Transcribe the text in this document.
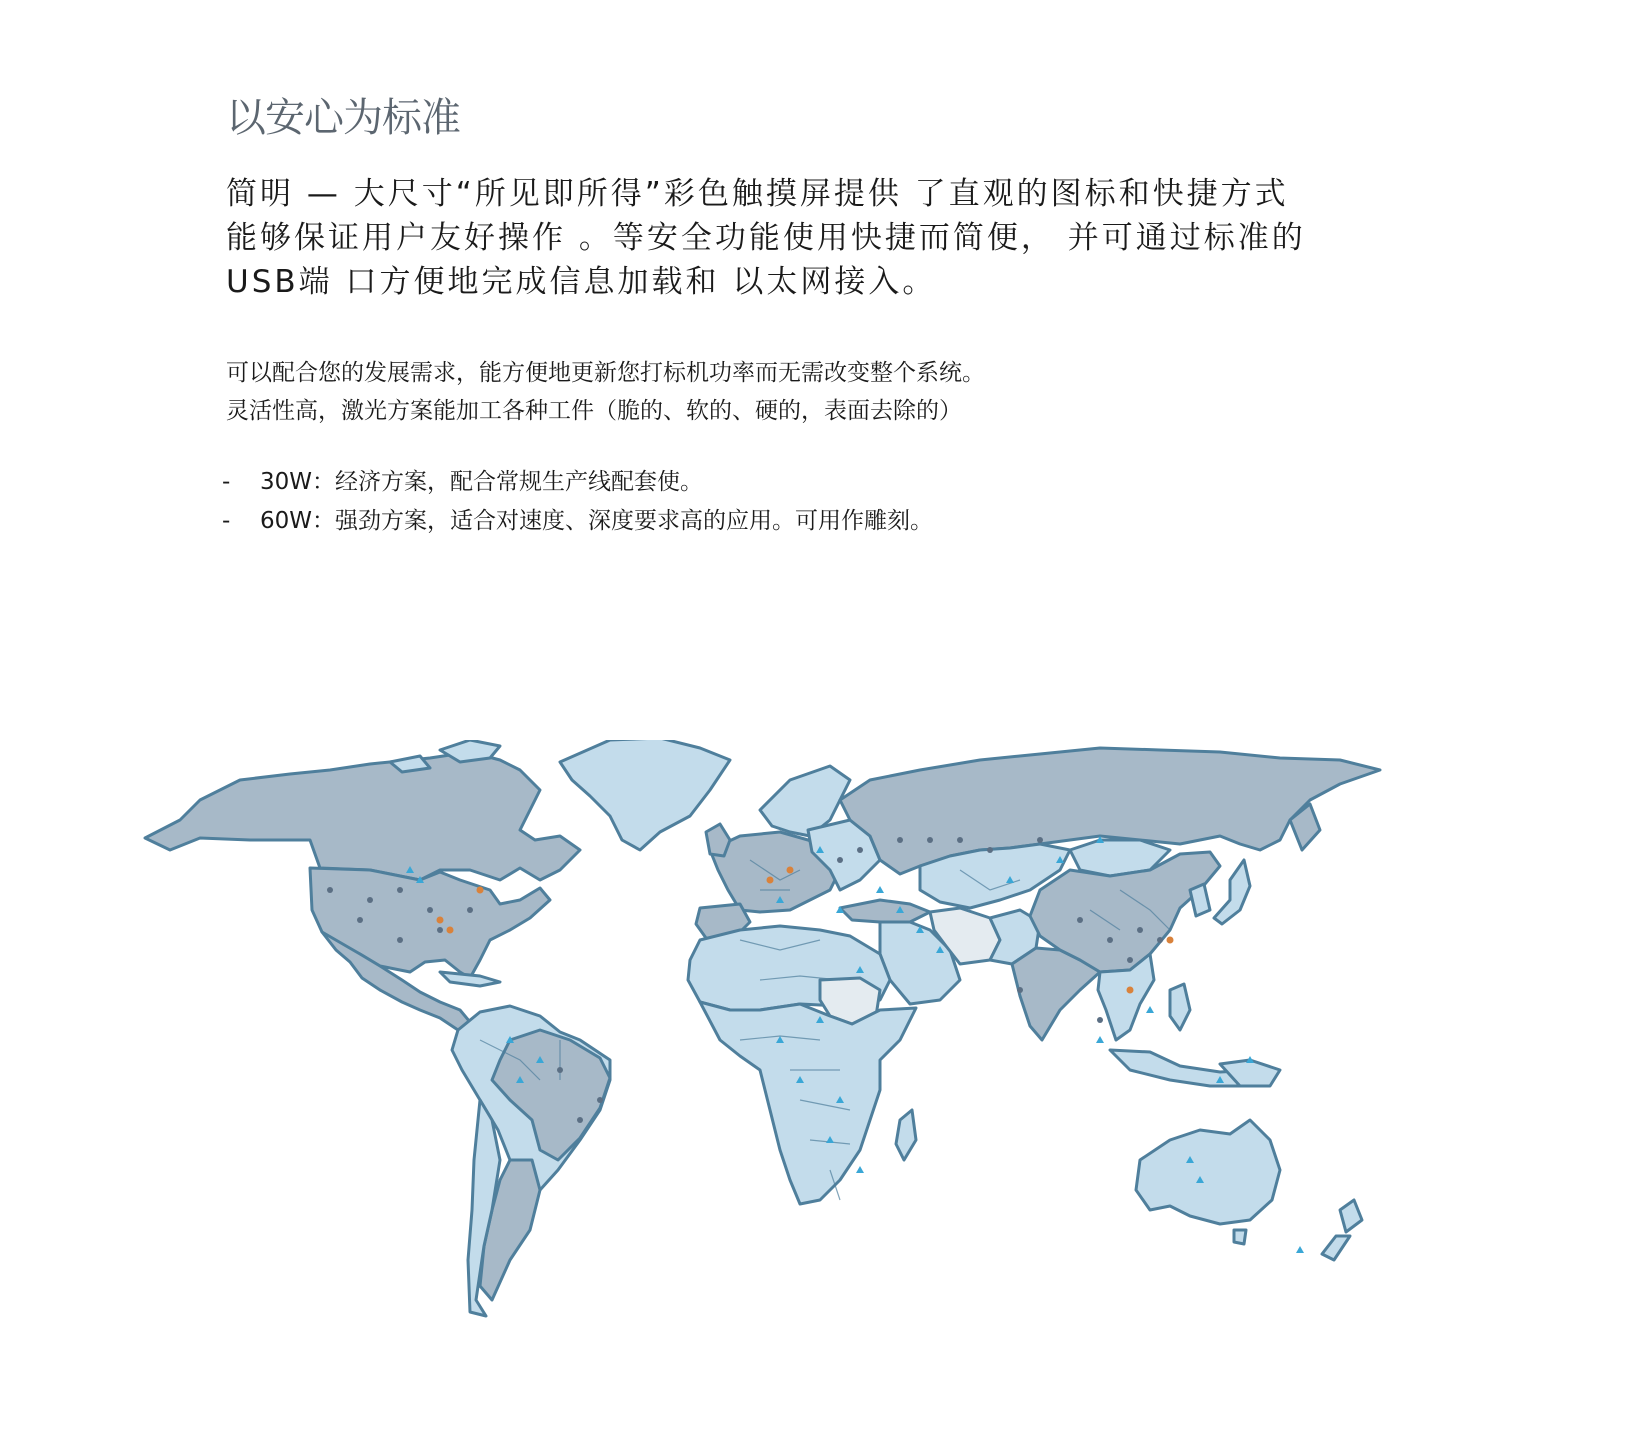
以安心为标准
简明 — 大尺寸“所见即所得”彩色触摸屏提供 了直观的图标和快捷方式
能够保证用户友好操作 。等安全功能使用快捷而简便， 并可通过标准的
USB端 口方便地完成信息加载和 以太网接入。
可以配合您的发展需求，能方便地更新您打标机功率而无需改变整个系统。
灵活性高，激光方案能加工各种工件（脆的、软的、硬的，表面去除的）
- 30W：经济方案，配合常规生产线配套使。
- 60W：强劲方案，适合对速度、深度要求高的应用。可用作雕刻。
